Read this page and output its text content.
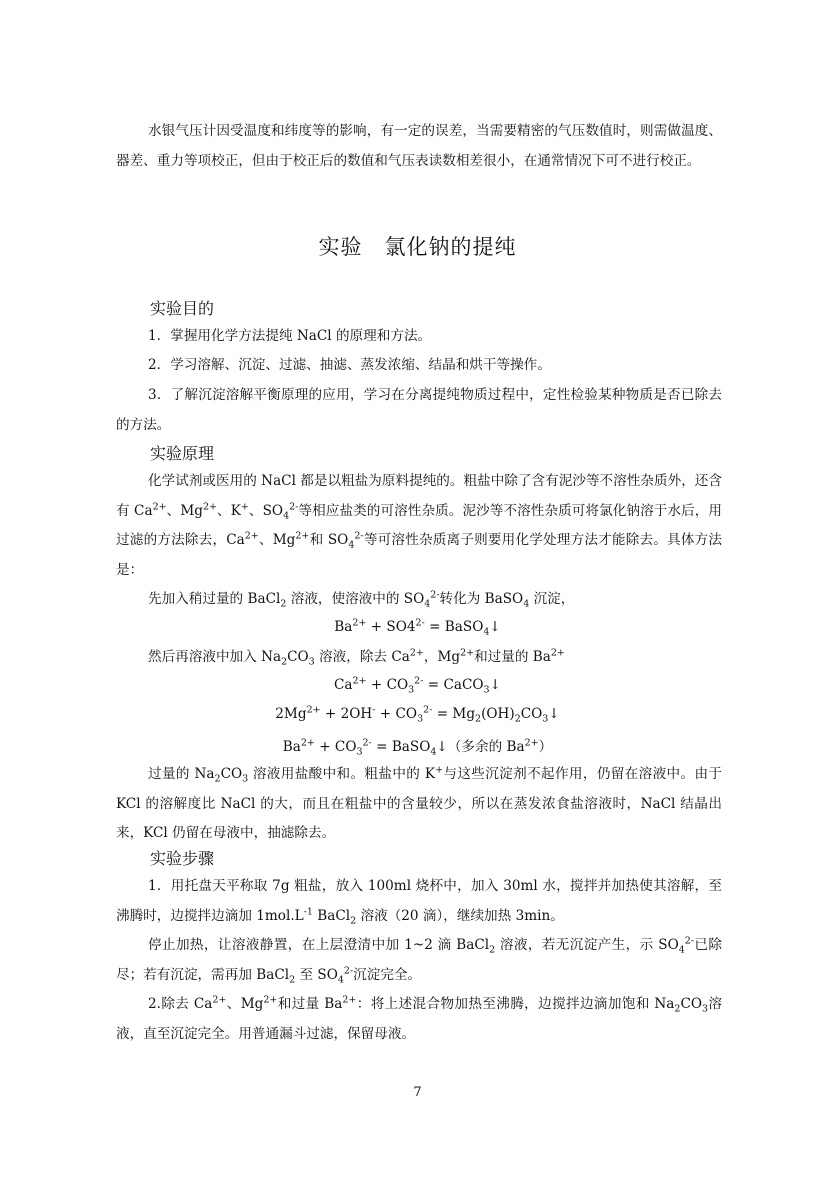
水银气压计因受温度和纬度等的影响，有一定的误差，当需要精密的气压数值时，则需做温度、器差、重力等项校正，但由于校正后的数值和气压表读数相差很小，在通常情况下可不进行校正。

实验　氯化钠的提纯
实验目的

1．掌握用化学方法提纯 NaCl 的原理和方法。

2．学习溶解、沉淀、过滤、抽滤、蒸发浓缩、结晶和烘干等操作。

3．了解沉淀溶解平衡原理的应用，学习在分离提纯物质过程中，定性检验某种物质是否已除去的方法。

实验原理

化学试剂或医用的 NaCl 都是以粗盐为原料提纯的。粗盐中除了含有泥沙等不溶性杂质外，还含有 $Ca^{2+}$、$Mg^{2+}$、K+、$SO_4^{2-}$等相应盐类的可溶性杂质。泥沙等不溶性杂质可将氯化钠溶于水后，用过滤的方法除去，$Ca^{2+}$、$Mg^{2+}$和 $SO_4^{2-}$等可溶性杂质离子则要用化学处理方法才能除去。具体方法是：

先加入稍过量的 BaCl$_2$ 溶液，使溶液中的 $SO_4^{2-}$转化为 BaSO$_4$ 沉淀，

$Ba^{2+} + SO4^{2-}$ = BaSO$_4$↓

然后再溶液中加入 $Na_2CO_3$ 溶液，除去 $Ca^{2+}$，$Mg^{2+}$和过量的 $Ba^{2+}$

$Ca^{2+} + CO_3^{2-}$ = CaCO$_3$↓
$2Mg^{2+} + 2OH^- + CO_3^{2-}$ = $Mg_2(OH)_2CO_3↓$
$Ba^{2+} + CO_3^{2-}$ = BaSO$_4$↓（多余的 $Ba^{2+}$）

过量的 $Na_2CO_3$ 溶液用盐酸中和。粗盐中的 K+与这些沉淀剂不起作用，仍留在溶液中。由于 KCl 的溶解度比 NaCl 的大，而且在粗盐中的含量较少，所以在蒸发浓食盐溶液时，NaCl 结晶出来，KCl 仍留在母液中，抽滤除去。

实验步骤

1．用托盘天平称取 7g 粗盐，放入 100ml 烧杯中，加入 30ml 水，搅拌并加热使其溶解，至沸腾时，边搅拌边滴加 $1mol.L^{-1}$ BaCl$_2$ 溶液（20 滴），继续加热 3min。

停止加热，让溶液静置，在上层澄清中加 1~2 滴 BaCl$_2$ 溶液，若无沉淀产生，示 $SO_4^{2-}$已除尽；若有沉淀，需再加 BaCl$_2$ 至 $SO_4^{2-}$沉淀完全。

2.除去 $Ca^{2+}$、$Mg^{2+}$和过量 $Ba^{2+}$：将上述混合物加热至沸腾，边搅拌边滴加饱和 $Na_2CO_3$溶液，直至沉淀完全。用普通漏斗过滤，保留母液。

7
